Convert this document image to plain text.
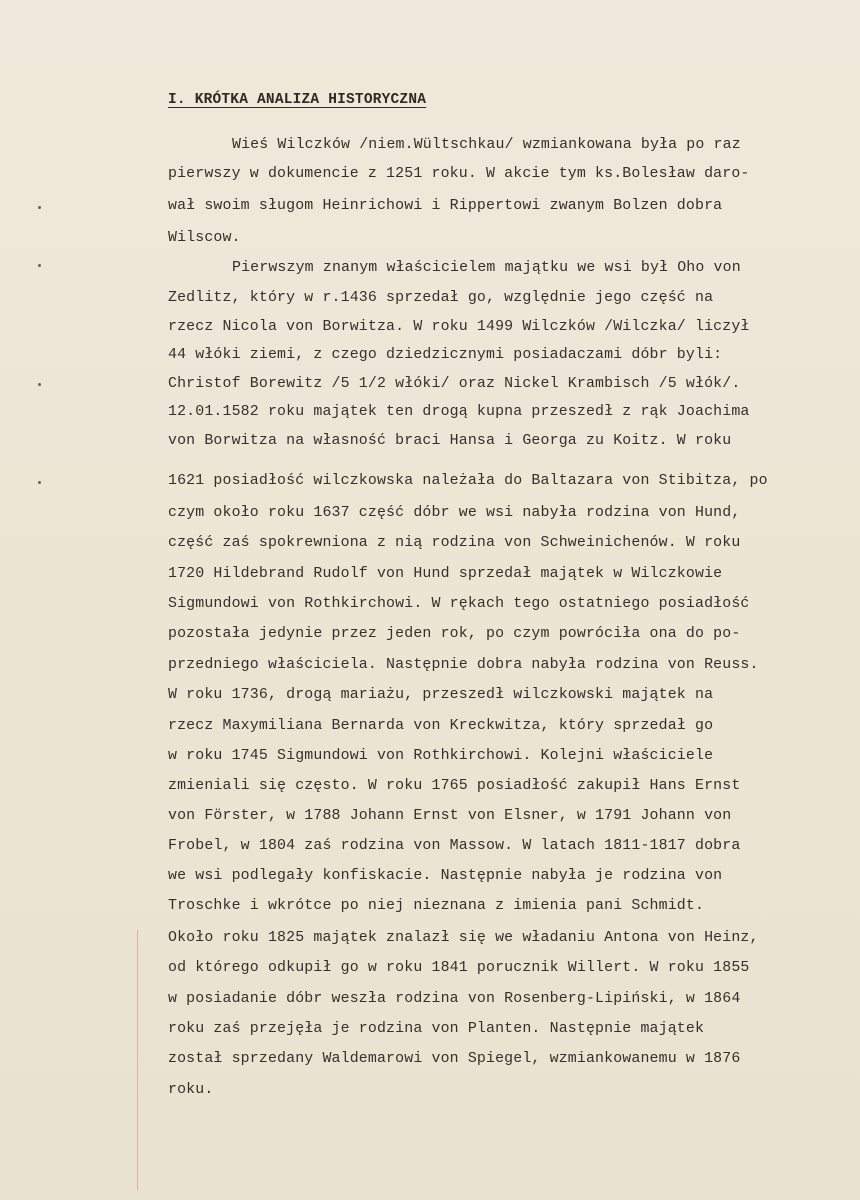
I. KRÓTKA ANALIZA HISTORYCZNA
Wieś Wilczków /niem.Wültschkau/ wzmiankowana była po raz
pierwszy w dokumencie z 1251 roku. W akcie tym ks.Bolesław daro-
wał swoim sługom Heinrichowi i Rippertowi zwanym Bolzen dobra
Wilscow.
Pierwszym znanym właścicielem majątku we wsi był Oho von
Zedlitz, który w r.1436 sprzedał go, względnie jego część na
rzecz Nicola von Borwitza. W roku 1499 Wilczków /Wilczka/ liczył
44 włóki ziemi, z czego dziedzicznymi posiadaczami dóbr byli:
Christof Borewitz /5 1/2 włóki/ oraz Nickel Krambisch /5 włók/.
12.01.1582 roku majątek ten drogą kupna przeszedł z rąk Joachima
von Borwitza na własność braci Hansa i Georga zu Koitz. W roku
1621 posiadłość wilczkowska należała do Baltazara von Stibitza, po
czym około roku 1637 część dóbr we wsi nabyła rodzina von Hund,
część zaś spokrewniona z nią rodzina von Schweinichenów. W roku
1720 Hildebrand Rudolf von Hund sprzedał majątek w Wilczkowie
Sigmundowi von Rothkirchowi. W rękach tego ostatniego posiadłość
pozostała jedynie przez jeden rok, po czym powróciła ona do po-
przedniego właściciela. Następnie dobra nabyła rodzina von Reuss.
W roku 1736, drogą mariażu, przeszedł wilczkowski majątek na
rzecz Maxymiliana Bernarda von Kreckwitza, który sprzedał go
w roku 1745 Sigmundowi von Rothkirchowi. Kolejni właściciele
zmieniali się często. W roku 1765 posiadłość zakupił Hans Ernst
von Förster, w 1788 Johann Ernst von Elsner, w 1791 Johann von
Frobel, w 1804 zaś rodzina von Massow. W latach 1811-1817 dobra
we wsi podlegały konfiskacie. Następnie nabyła je rodzina von
Troschke i wkrótce po niej nieznana z imienia pani Schmidt.
Około roku 1825 majątek znalazł się we władaniu Antona von Heinz,
od którego odkupił go w roku 1841 porucznik Willert. W roku 1855
w posiadanie dóbr weszła rodzina von Rosenberg-Lipiński, w 1864
roku zaś przejęła je rodzina von Planten. Następnie majątek
został sprzedany Waldemarowi von Spiegel, wzmiankowanemu w 1876
roku.
